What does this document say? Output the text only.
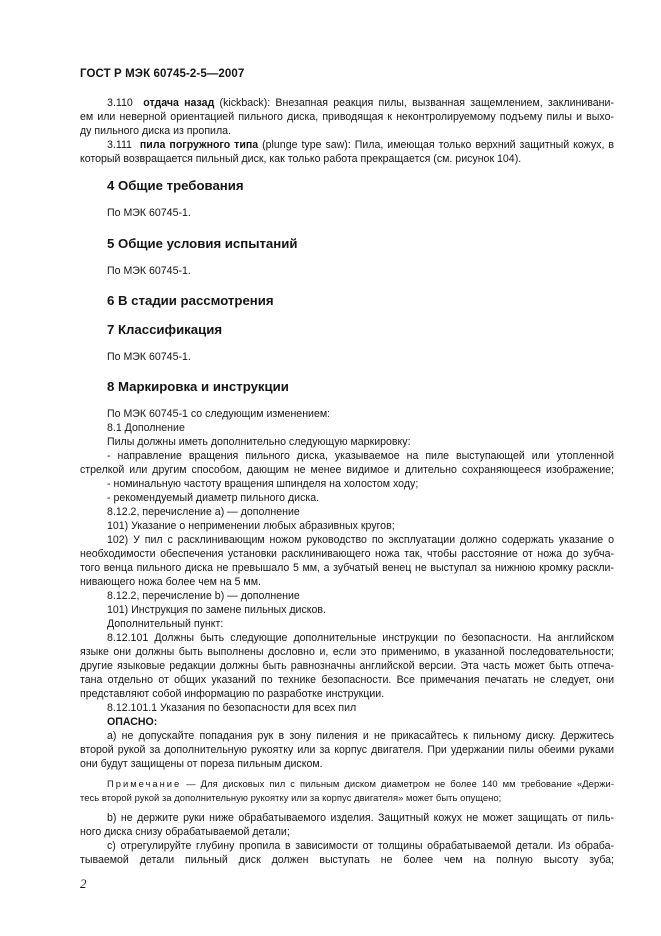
ГОСТ Р МЭК 60745-2-5—2007
3.110 отдача назад (kickback): Внезапная реакция пилы, вызванная защемлением, заклинивани-
ем или неверной ориентацией пильного диска, приводящая к неконтролируемому подъему пилы и выхо-
ду пильного диска из пропила.
3.111 пила погружного типа (plunge type saw): Пила, имеющая только верхний защитный кожух, в
который возвращается пильный диск, как только работа прекращается (см. рисунок 104).
4 Общие требования
По МЭК 60745-1.
5 Общие условия испытаний
По МЭК 60745-1.
6 В стадии рассмотрения
7 Классификация
По МЭК 60745-1.
8 Маркировка и инструкции
По МЭК 60745-1 со следующим изменением:
8.1 Дополнение
Пилы должны иметь дополнительно следующую маркировку:
- направление вращения пильного диска, указываемое на пиле выступающей или утопленной
стрелкой или другим способом, дающим не менее видимое и длительно сохраняющееся изображение;
- номинальную частоту вращения шпинделя на холостом ходу;
- рекомендуемый диаметр пильного диска.
8.12.2, перечисление а) — дополнение
101) Указание о неприменении любых абразивных кругов;
102) У пил с расклинивающим ножом руководство по эксплуатации должно содержать указание о
необходимости обеспечения установки расклинивающего ножа так, чтобы расстояние от ножа до зубча-
того венца пильного диска не превышало 5 мм, а зубчатый венец не выступал за нижнюю кромку раскли-
нивающего ножа более чем на 5 мм.
8.12.2, перечисление b) — дополнение
101) Инструкция по замене пильных дисков.
Дополнительный пункт:
8.12.101 Должны быть следующие дополнительные инструкции по безопасности. На английском
языке они должны быть выполнены дословно и, если это применимо, в указанной последовательности;
другие языковые редакции должны быть равнозначны английской версии. Эта часть может быть отпеча-
тана отдельно от общих указаний по технике безопасности. Все примечания печатать не следует, они
представляют собой информацию по разработке инструкции.
8.12.101.1 Указания по безопасности для всех пил
ОПАСНО:
а) не допускайте попадания рук в зону пиления и не прикасайтесь к пильному диску. Держитесь
второй рукой за дополнительную рукоятку или за корпус двигателя. При удержании пилы обеими руками
они будут защищены от пореза пильным диском.
Примечание — Для дисковых пил с пильным диском диаметром не более 140 мм требование «Держи-
тесь второй рукой за дополнительную рукоятку или за корпус двигателя» может быть опущено;
b) не держите руки ниже обрабатываемого изделия. Защитный кожух не может защищать от пиль-
ного диска снизу обрабатываемой детали;
с) отрегулируйте глубину пропила в зависимости от толщины обрабатываемой детали. Из обраба-
тываемой детали пильный диск должен выступать не более чем на полную высоту зуба;
2
